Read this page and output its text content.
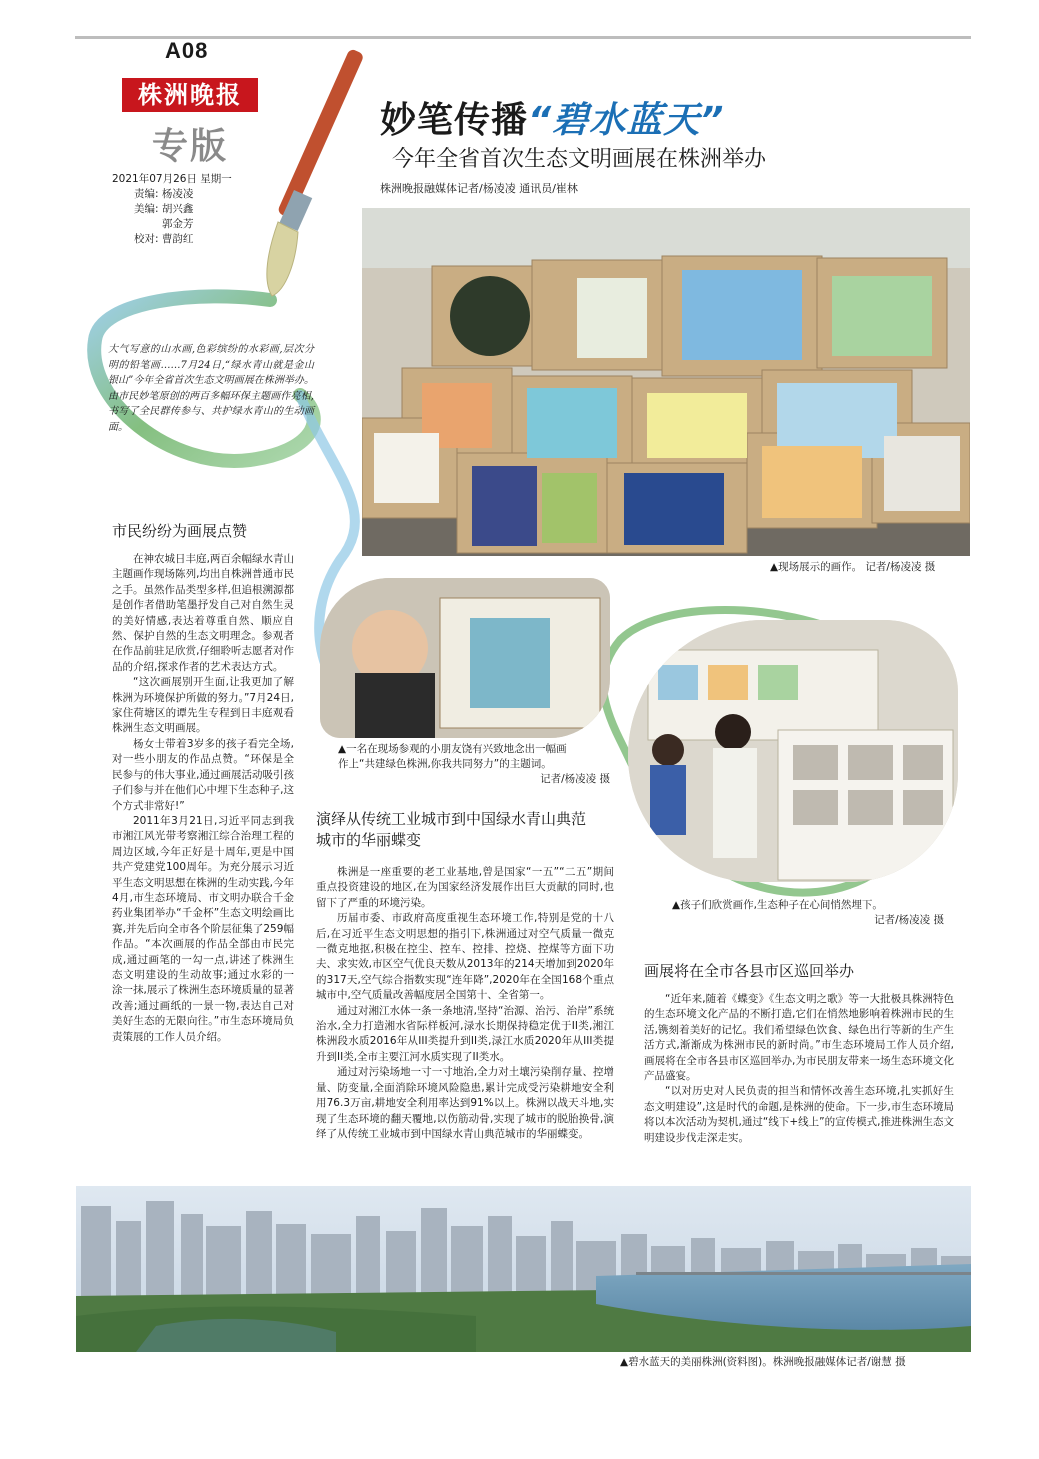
A08
株洲晚报
专版
2021年07月26日 星期一
责编: 杨凌凌
美编: 胡兴鑫
郭金芳
校对: 曹韵红
大气写意的山水画,色彩缤纷的水彩画,层次分明的铅笔画……7月24日,“绿水青山就是金山银山”今年全省首次生态文明画展在株洲举办。由市民妙笔原创的两百多幅环保主题画作亮相,书写了全民群传参与、共护绿水青山的生动画面。
妙笔传播“碧水蓝天”
今年全省首次生态文明画展在株洲举办
株洲晚报融媒体记者/杨凌凌 通讯员/崔林
▲现场展示的画作。 记者/杨凌凌 摄
市民纷纷为画展点赞

在神农城日丰庭,两百余幅绿水青山主题画作现场陈列,均出自株洲普通市民之手。虽然作品类型多样,但追根溯源都是创作者借助笔墨抒发自己对自然生灵的美好情感,表达着尊重自然、顺应自然、保护自然的生态文明理念。参观者在作品前驻足欣赏,仔细聆听志愿者对作品的介绍,探求作者的艺术表达方式。

“这次画展别开生面,让我更加了解株洲为环境保护所做的努力。”7月24日,家住荷塘区的谭先生专程到日丰庭观看株洲生态文明画展。

杨女士带着3岁多的孩子看完全场,对一些小朋友的作品点赞。“环保是全民参与的伟大事业,通过画展活动吸引孩子们参与并在他们心中埋下生态种子,这个方式非常好!”

2011年3月21日,习近平同志到我市湘江风光带考察湘江综合治理工程的周边区域,今年正好是十周年,更是中国共产党建党100周年。为充分展示习近平生态文明思想在株洲的生动实践,今年4月,市生态环境局、市文明办联合千金药业集团举办“千金杯”生态文明绘画比赛,并先后向全市各个阶层征集了259幅作品。“本次画展的作品全部由市民完成,通过画笔的一勾一点,讲述了株洲生态文明建设的生动故事;通过水彩的一涂一抹,展示了株洲生态环境质量的显著改善;通过画纸的一景一物,表达自己对美好生态的无限向往。”市生态环境局负责策展的工作人员介绍。

▲一名在现场参观的小朋友饶有兴致地念出一幅画
作上“共建绿色株洲,你我共同努力”的主题词。
记者/杨凌凌 摄
▲孩子们欣赏画作,生态种子在心间悄然埋下。
记者/杨凌凌 摄
演绎从传统工业城市到中国绿水青山典范
城市的华丽蝶变

株洲是一座重要的老工业基地,曾是国家“一五”“二五”期间重点投资建设的地区,在为国家经济发展作出巨大贡献的同时,也留下了严重的环境污染。

历届市委、市政府高度重视生态环境工作,特别是党的十八后,在习近平生态文明思想的指引下,株洲通过对空气质量一微克一微克地抠,积极在控尘、控车、控排、控烧、控煤等方面下功夫、求实效,市区空气优良天数从2013年的214天增加到2020年的317天,空气综合指数实现“连年降”,2020年在全国168个重点城市中,空气质量改善幅度居全国第十、全省第一。

通过对湘江水体一条一条地清,坚持“治源、治污、治岸”系统治水,全力打造湘水省际样板河,渌水长期保持稳定优于II类,湘江株洲段水质2016年从III类提升到II类,渌江水质2020年从III类提升到II类,全市主要江河水质实现了II类水。

通过对污染场地一寸一寸地治,全力对土壤污染削存量、控增量、防变量,全面消除环境风险隐患,累计完成受污染耕地安全利用76.3万亩,耕地安全利用率达到91%以上。株洲以战天斗地,实现了生态环境的翻天覆地,以伤筋动骨,实现了城市的脱胎换骨,演绎了从传统工业城市到中国绿水青山典范城市的华丽蝶变。

画展将在全市各县市区巡回举办

“近年来,随着《蝶变》《生态文明之歌》等一大批极具株洲特色的生态环境文化产品的不断打造,它们在悄然地影响着株洲市民的生活,镌刻着美好的记忆。我们希望绿色饮食、绿色出行等新的生产生活方式,渐渐成为株洲市民的新时尚。”市生态环境局工作人员介绍,画展将在全市各县市区巡回举办,为市民朋友带来一场生态环境文化产品盛宴。

“以对历史对人民负责的担当和情怀改善生态环境,扎实抓好生态文明建设”,这是时代的命题,是株洲的使命。下一步,市生态环境局将以本次活动为契机,通过“线下+线上”的宣传模式,推进株洲生态文明建设步伐走深走实。

▲碧水蓝天的美丽株洲(资料图)。株洲晚报融媒体记者/谢慧 摄
